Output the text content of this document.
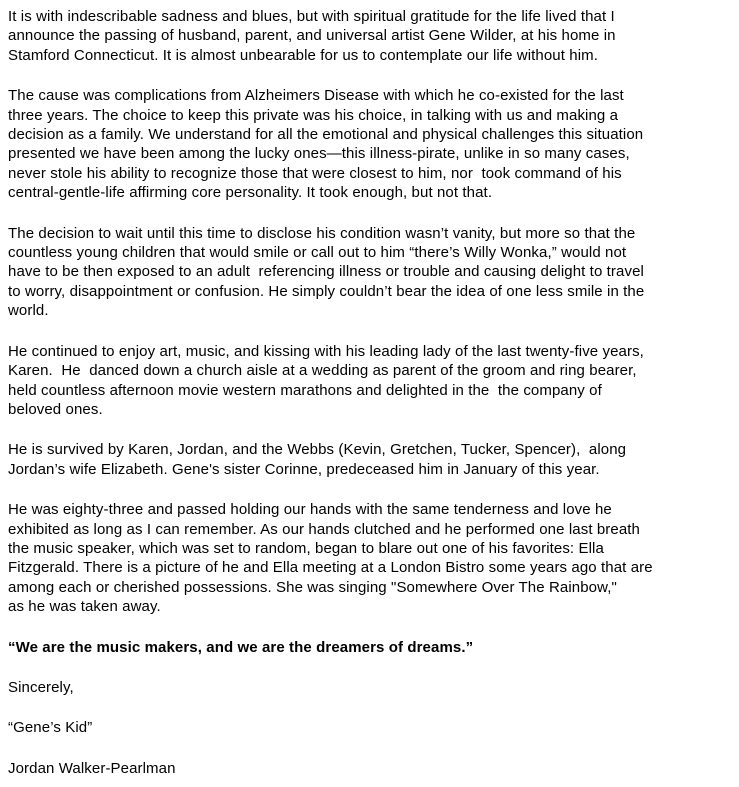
It is with indescribable sadness and blues, but with spiritual gratitude for the life lived that I
announce the passing of husband, parent, and universal artist Gene Wilder, at his home in
Stamford Connecticut. It is almost unbearable for us to contemplate our life without him.

The cause was complications from Alzheimers Disease with which he co-existed for the last
three years. The choice to keep this private was his choice, in talking with us and making a
decision as a family. We understand for all the emotional and physical challenges this situation
presented we have been among the lucky ones—this illness-pirate, unlike in so many cases,
never stole his ability to recognize those that were closest to him, nor  took command of his
central-gentle-life affirming core personality. It took enough, but not that.

The decision to wait until this time to disclose his condition wasn’t vanity, but more so that the
countless young children that would smile or call out to him “there’s Willy Wonka,” would not
have to be then exposed to an adult  referencing illness or trouble and causing delight to travel
to worry, disappointment or confusion. He simply couldn’t bear the idea of one less smile in the
world.

He continued to enjoy art, music, and kissing with his leading lady of the last twenty-five years,
Karen.  He  danced down a church aisle at a wedding as parent of the groom and ring bearer,
held countless afternoon movie western marathons and delighted in the  the company of
beloved ones.

He is survived by Karen, Jordan, and the Webbs (Kevin, Gretchen, Tucker, Spencer),  along
Jordan’s wife Elizabeth. Gene's sister Corinne, predeceased him in January of this year.

He was eighty-three and passed holding our hands with the same tenderness and love he
exhibited as long as I can remember. As our hands clutched and he performed one last breath
the music speaker, which was set to random, began to blare out one of his favorites: Ella
Fitzgerald. There is a picture of he and Ella meeting at a London Bistro some years ago that are
among each or cherished possessions. She was singing "Somewhere Over The Rainbow,"
as he was taken away.

“We are the music makers, and we are the dreamers of dreams.”

Sincerely,

“Gene’s Kid”

Jordan Walker-Pearlman
